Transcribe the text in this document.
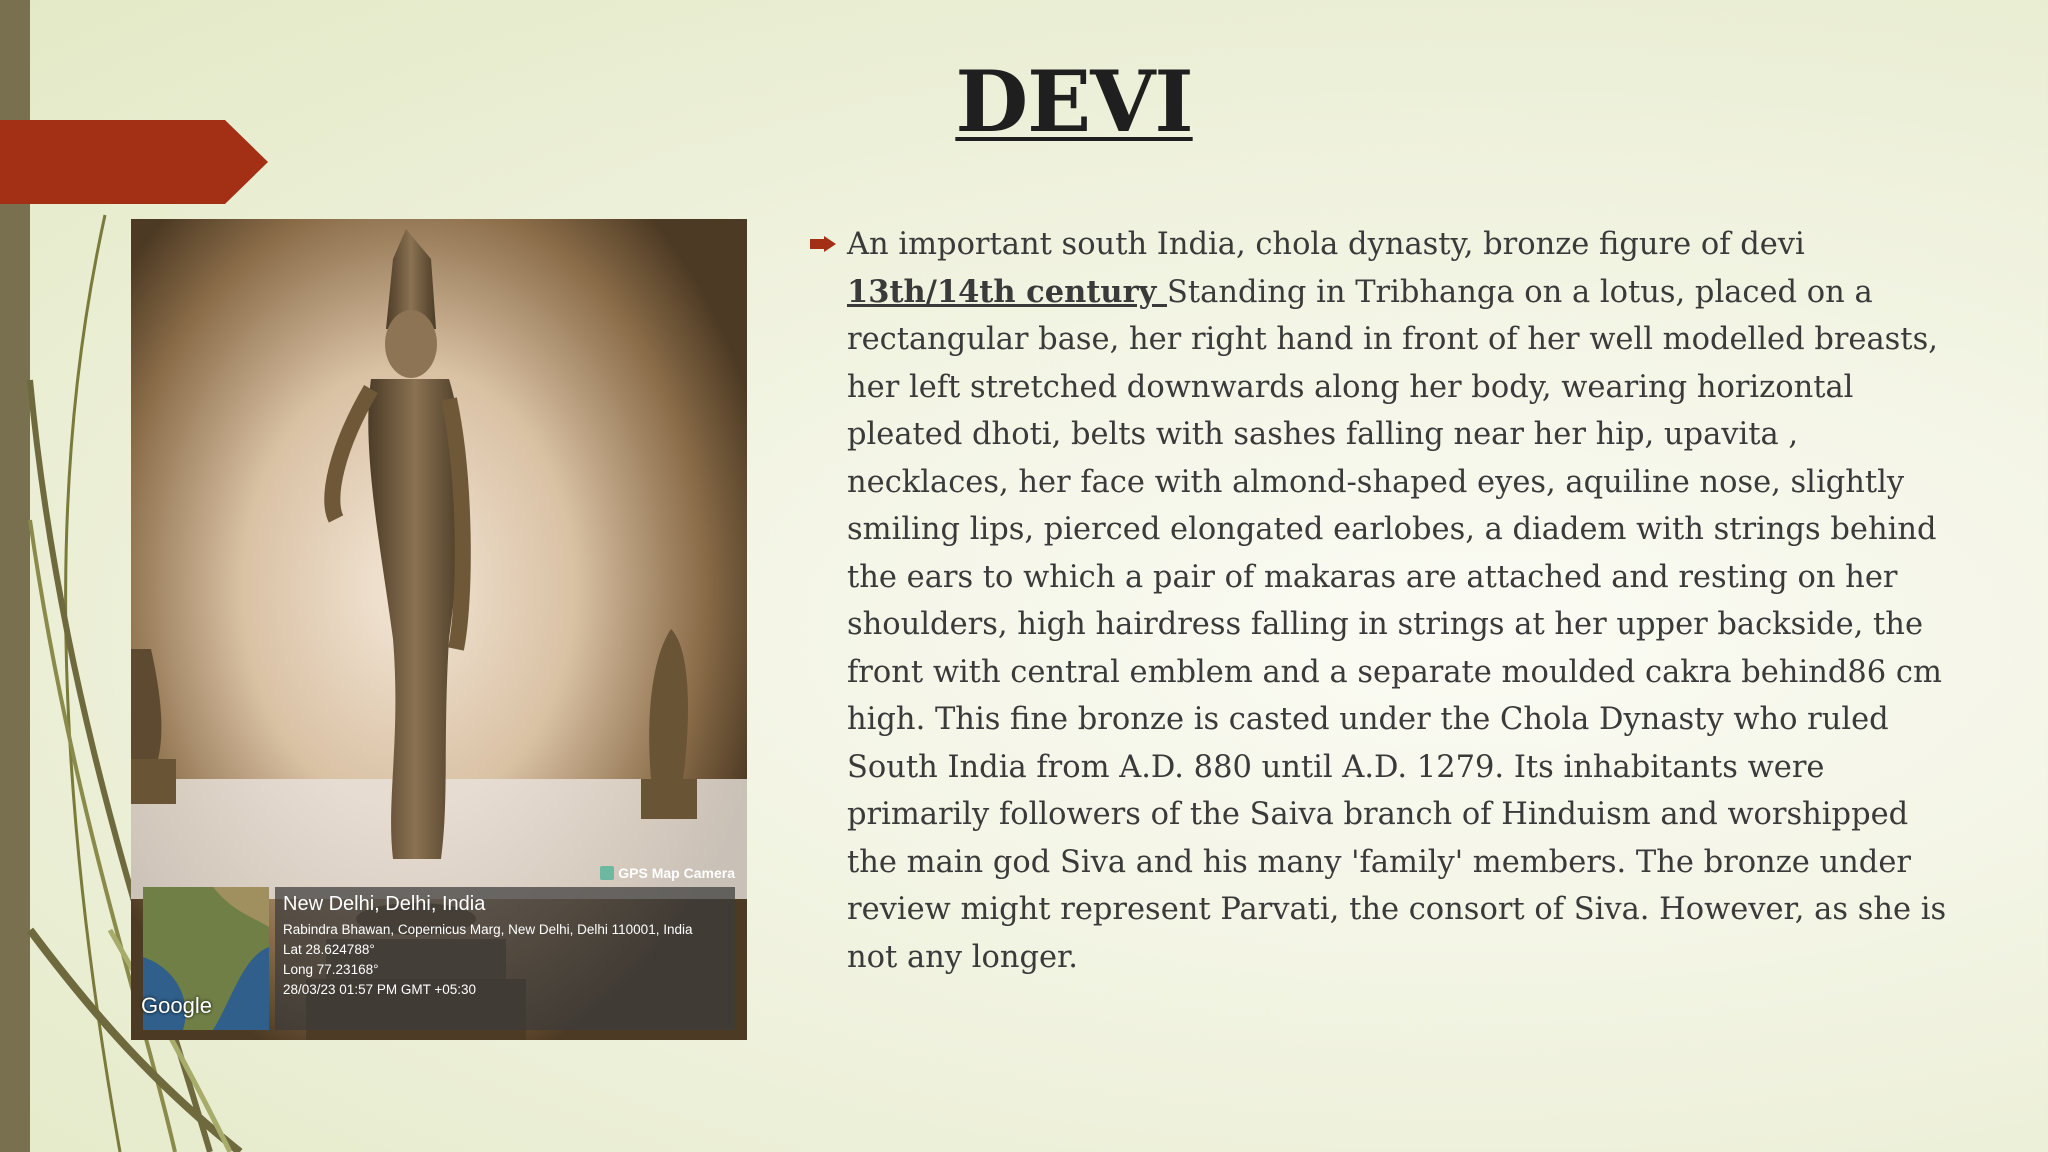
DEVI
GPS Map Camera
Google
New Delhi, Delhi, India
Rabindra Bhawan, Copernicus Marg, New Delhi, Delhi 110001, India
Lat 28.624788°
Long 77.23168°
28/03/23 01:57 PM GMT +05:30
An important south India, chola dynasty, bronze figure of devi 13th/14th century Standing in Tribhanga on a lotus, placed on a rectangular base, her right hand in front of her well modelled breasts, her left stretched downwards along her body, wearing horizontal pleated dhoti, belts with sashes falling near her hip, upavita , necklaces, her face with almond-shaped eyes, aquiline nose, slightly smiling lips, pierced elongated earlobes, a diadem with strings behind the ears to which a pair of makaras are attached and resting on her shoulders, high hairdress falling in strings at her upper backside, the front with central emblem and a separate moulded cakra behind86 cm high. This fine bronze is casted under the Chola Dynasty who ruled South India from A.D. 880 until A.D. 1279. Its inhabitants were primarily followers of the Saiva branch of Hinduism and worshipped the main god Siva and his many 'family' members. The bronze under review might represent Parvati, the consort of Siva. However, as she is not any longer.
